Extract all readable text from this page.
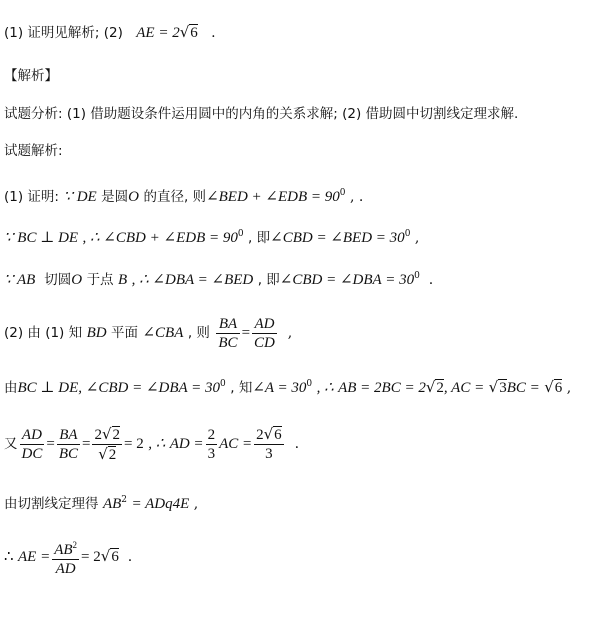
(1) 证明见解析; (2) AE = 2√6 .
【解析】
试题分析: (1) 借助题设条件运用圆中的内角的关系求解; (2) 借助圆中切割线定理求解.
试题解析:
(1) 证明: ∵ DE 是圆O 的直径, 则∠BED + ∠EDB = $90^0$ , .
∵ BC ⊥ DE , ∴ ∠CBD + ∠EDB = $90^0$ , 即∠CBD = ∠BED = $30^0$ ,
∵ AB 切圆O 于点 B , ∴ ∠DBA = ∠BED , 即∠CBD = ∠DBA = $30^0$ .
(2) 由 (1) 知 BD 平面 ∠CBA , 则 $\frac{BA}{BC} = \frac{AD}{CD}$ ,
由BC ⊥ DE, ∠CBD = ∠DBA = $30^0$ , 知∠A = $30^0$ , ∴ AB = 2BC = 2√2, AC = √3BC = √6 ,
又 $\frac{AD}{DC} = \frac{BA}{BC} = \frac{2√2}{√2} = 2$ , ∴ AD = $\frac{2}{3}$ AC = $\frac{2√6}{3}$ .
由切割线定理得 $AB^2 = ADq4E$ ,
∴ AE = $\frac{AB^2}{AD} = 2√6$ .
